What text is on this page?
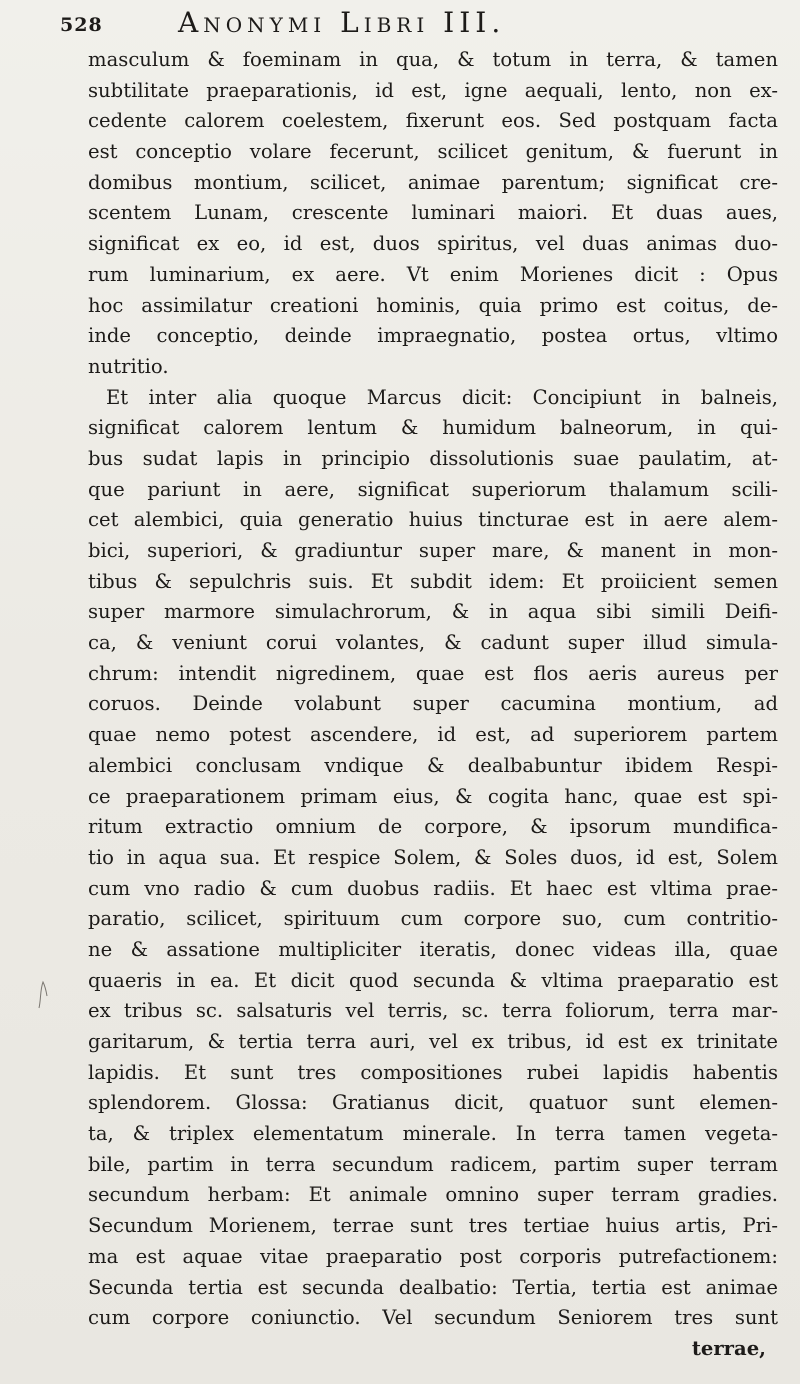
528	Anonymi Libri III.
masculum & foeminam in qua, & totum in terra, & tamen
subtilitate praeparationis, id est, igne aequali, lento, non ex-
cedente calorem coelestem, fixerunt eos. Sed postquam facta
est conceptio volare fecerunt, scilicet genitum, & fuerunt in
domibus montium, scilicet, animae parentum; significat cre-
scentem Lunam, crescente luminari maiori. Et duas aues,
significat ex eo, id est, duos spiritus, vel duas animas duo-
rum luminarium, ex aere. Vt enim Morienes dicit : Opus
hoc assimilatur creationi hominis, quia primo est coitus, de-
inde conceptio, deinde impraegnatio, postea ortus, vltimo
nutritio.
Et inter alia quoque Marcus dicit: Concipiunt in balneis,
significat calorem lentum & humidum balneorum, in qui-
bus sudat lapis in principio dissolutionis suae paulatim, at-
que pariunt in aere, significat superiorum thalamum scili-
cet alembici, quia generatio huius tincturae est in aere alem-
bici, superiori, & gradiuntur super mare, & manent in mon-
tibus & sepulchris suis. Et subdit idem: Et proiicient semen
super marmore simulachrorum, & in aqua sibi simili Deifi-
ca, & veniunt corui volantes, & cadunt super illud simula-
chrum: intendit nigredinem, quae est flos aeris aureus per
coruos. Deinde volabunt super cacumina montium, ad
quae nemo potest ascendere, id est, ad superiorem partem
alembici conclusam vndique & dealbabuntur ibidem Respi-
ce praeparationem primam eius, & cogita hanc, quae est spi-
ritum extractio omnium de corpore, & ipsorum mundifica-
tio in aqua sua. Et respice Solem, & Soles duos, id est, Solem
cum vno radio & cum duobus radiis. Et haec est vltima prae-
paratio, scilicet, spirituum cum corpore suo, cum contritio-
ne & assatione multipliciter iteratis, donec videas illa, quae
quaeris in ea. Et dicit quod secunda & vltima praeparatio est
ex tribus sc. salsaturis vel terris, sc. terra foliorum, terra mar-
garitarum, & tertia terra auri, vel ex tribus, id est ex trinitate
lapidis. Et sunt tres compositiones rubei lapidis habentis
splendorem. Glossa: Gratianus dicit, quatuor sunt elemen-
ta, & triplex elementatum minerale. In terra tamen vegeta-
bile, partim in terra secundum radicem, partim super terram
secundum herbam: Et animale omnino super terram gradies.
Secundum Morienem, terrae sunt tres tertiae huius artis, Pri-
ma est aquae vitae praeparatio post corporis putrefactionem:
Secunda tertia est secunda dealbatio: Tertia, tertia est animae
cum corpore coniunctio. Vel secundum Seniorem tres sunt
terrae,
